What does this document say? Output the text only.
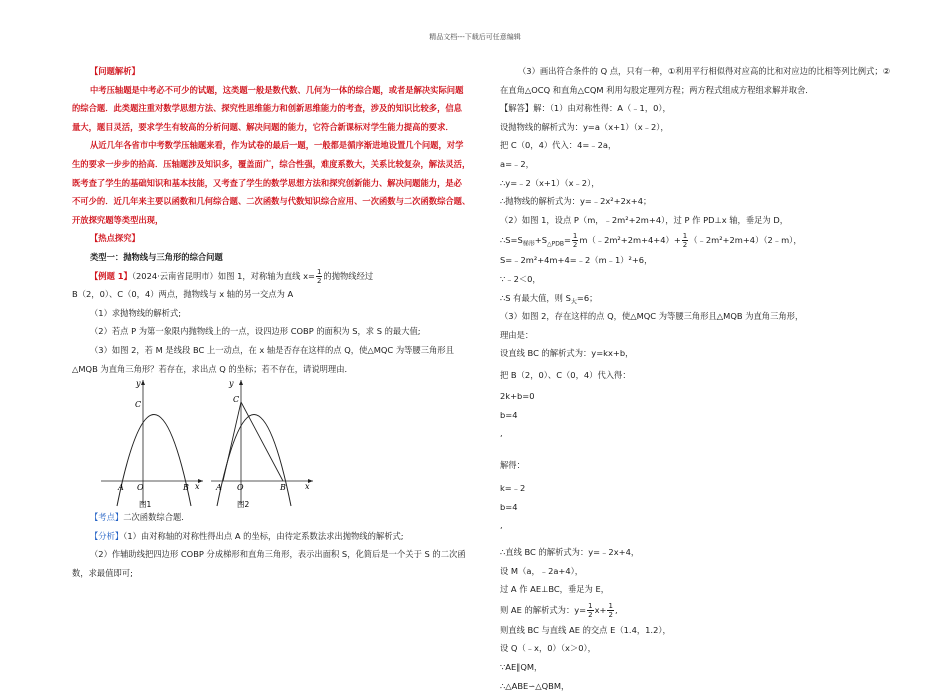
精品文档---下载后可任意编辑

【问题解析】

中考压轴题是中考必不可少的试题，这类题一般是数代数、几何为一体的综合题，或者是解决实际问题

的综合题．此类题注重对数学思想方法、探究性思维能力和创新思维能力的考查，涉及的知识比较多，信息

量大，题目灵活，要求学生有较高的分析问题、解决问题的能力，它符合新课标对学生能力提高的要求．

从近几年各省市中考数学压轴题来看，作为试卷的最后一题，一般都是循序渐进地设置几个问题，对学

生的要求一步步的拾高．压轴题涉及知识多，覆盖面广，综合性强，难度系数大，关系比较复杂，解法灵活，

既考查了学生的基础知识和基本技能，又考查了学生的数学思想方法和探究创新能力、解决问题能力，是必

不可少的．近几年来主要以函数和几何综合题、二次函数与代数知识综合应用、一次函数与二次函数综合题、

开放探究题等类型出现，

【热点探究】

类型一：抛物线与三角形的综合问题

【例题 1】（2024·云南省昆明市）如图 1，对称轴为直线 $x= \frac{1}{2}$ 的抛物线经过

B（2，0）、C（0，4）两点，抛物线与 x 轴的另一交点为 A

（1）求抛物线的解析式;

（2）若点 P 为第一象限内抛物线上的一点，设四边形 COBP 的面积为 S，求 S 的最大值;

（3）如图 2，若 M 是线段 BC 上一动点，在 x 轴是否存在这样的点 Q，使△MQC 为等腰三角形且

△MQB 为直角三角形？若存在，求出点 Q 的坐标；若不存在，请说明理由．

y
x
A O	B
C
图1
y
x
A O	B
C
图2

【考点】二次函数综合题．

【分析】（1）由对称轴的对称性得出点 A 的坐标，由待定系数法求出抛物线的解析式;

（2）作辅助线把四边形 COBP 分成梯形和直角三角形，表示出面积 S，化简后是一个关于 S 的二次函

数，求最值即可;

（3）画出符合条件的 Q 点，只有一种，①利用平行相似得对应高的比和对应边的比相等列比例式；②

在直角△OCQ 和直角△CQM 利用勾股定理列方程；两方程式组成方程组求解并取舍．

【解答】解：（1）由对称性得：A（﹣1，0），

设抛物线的解析式为：y=a（x+1）（x﹣2），

把 C（0，4）代入：4=﹣2a，

a=﹣2，

∴y=﹣2（x+1）（x﹣2），

∴抛物线的解析式为：y=﹣2x²+2x+4；

（2）如图 1，设点 P（m，﹣2m²+2m+4），过 P 作 PD⊥x 轴，垂足为 D，

$\therefore S=S_{梯形}+S_{\triangle PDB}= \frac{1}{2}$ m（﹣2m²+2m+4+4）+ $\frac{1}{2}$ （﹣2m²+2m+4）（2﹣m），

S=﹣2m²+4m+4=﹣2（m﹣1）²+6，

∵﹣2＜0，

∴S 有最大值，则 $S_大=6$；

（3）如图 2，存在这样的点 Q，使△MQC 为等腰三角形且△MQB 为直角三角形，

理由是：

设直线 BC 的解析式为：y=kx+b，

把 B（2，0）、C（0，4）代入得：

2k+b=0
b=4
,

解得：

k=﹣2
b=4
,

∴直线 BC 的解析式为：y=﹣2x+4，

设 M（a，﹣2a+4），

过 A 作 AE⊥BC，垂足为 E，

则 AE 的解析式为：$y= \frac{1}{2} x+ \frac{1}{2}$ ,

则直线 BC 与直线 AE 的交点 E（1.4，1.2），

设 Q（﹣x，0）（x＞0），

∵AE∥QM，

∴△ABE∽△QBM，
